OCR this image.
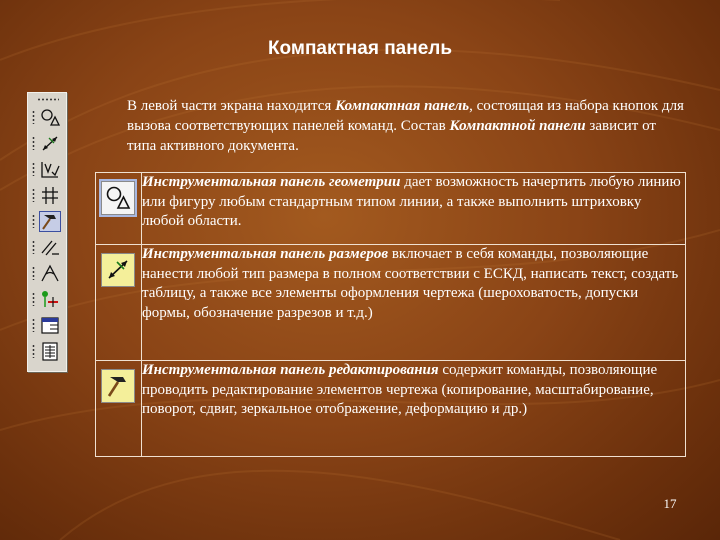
Компактная панель
В левой части экрана находится Компактная панель, состоящая из набора кнопок для вызова соответствующих панелей команд. Состав Компактной панели зависит от типа активного документа.
	Инструментальная панель геометрии дает возможность начертить любую линию или фигуру любым стандартным типом линии, а также выполнить штриховку любой области.

	Инструментальная панель размеров включает в себя команды, позволяющие нанести любой тип размера в полном соответствии с ЕСКД, написать текст, создать таблицу, а также все элементы оформления чертежа (шероховатость, допуски формы, обозначение разрезов и т.д.)

	Инструментальная панель редактирования содержит команды, позволяющие проводить редактирование элементов чертежа (копирование, масштабирование, поворот, сдвиг, зеркальное отображение, деформацию и др.)
17
